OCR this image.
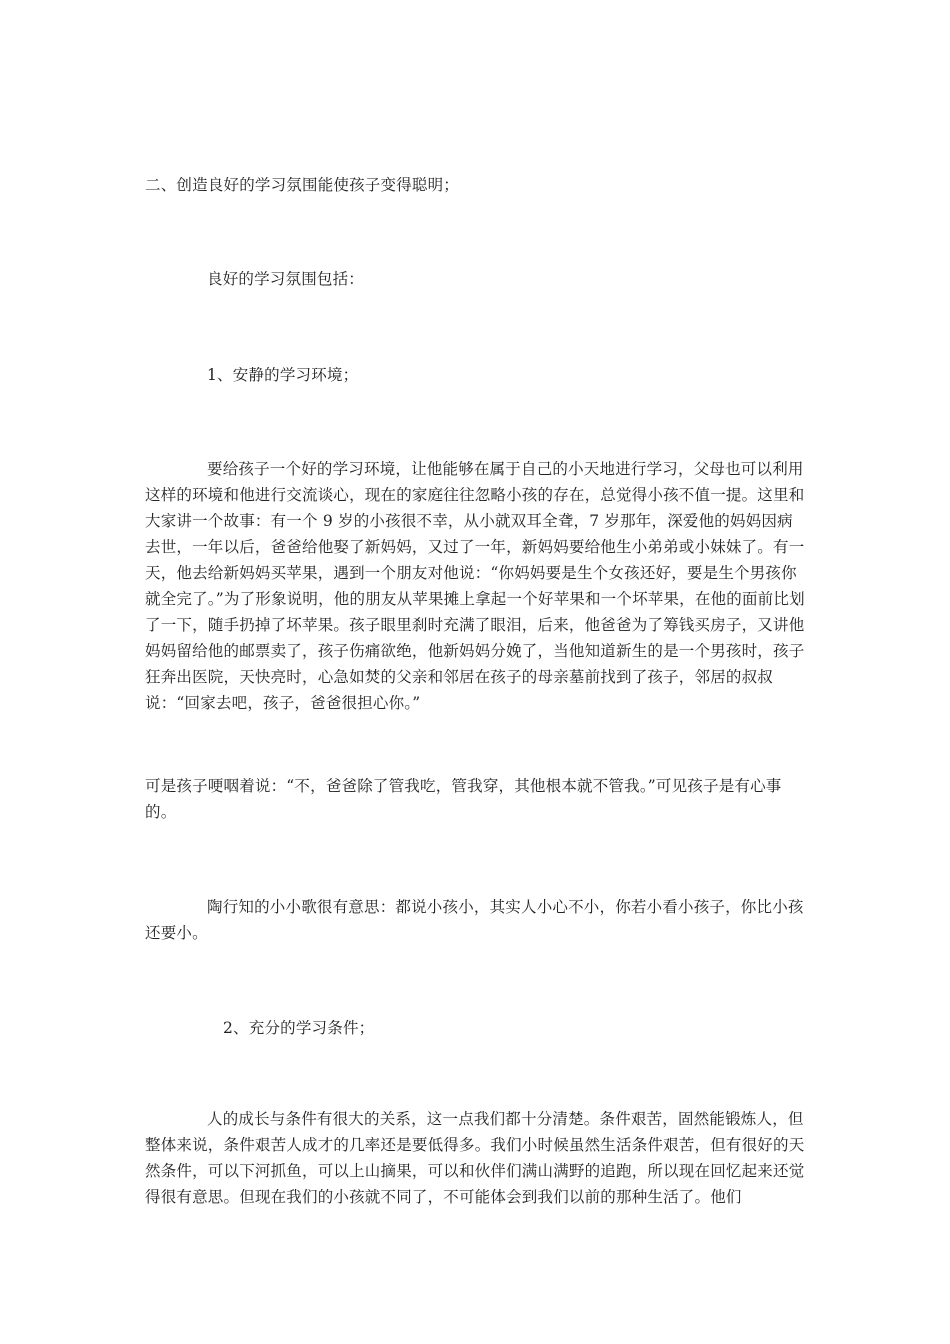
二、创造良好的学习氛围能使孩子变得聪明；
良好的学习氛围包括：
1、安静的学习环境；
要给孩子一个好的学习环境，让他能够在属于自己的小天地进行学习，父母也可以利用这样的环境和他进行交流谈心，现在的家庭往往忽略小孩的存在，总觉得小孩不值一提。这里和大家讲一个故事：有一个 9 岁的小孩很不幸，从小就双耳全聋，7 岁那年，深爱他的妈妈因病去世，一年以后，爸爸给他娶了新妈妈，又过了一年，新妈妈要给他生小弟弟或小妹妹了。有一天，他去给新妈妈买苹果，遇到一个朋友对他说：“你妈妈要是生个女孩还好，要是生个男孩你就全完了。”为了形象说明，他的朋友从苹果摊上拿起一个好苹果和一个坏苹果，在他的面前比划了一下，随手扔掉了坏苹果。孩子眼里刹时充满了眼泪，后来，他爸爸为了筹钱买房子，又讲他妈妈留给他的邮票卖了，孩子伤痛欲绝，他新妈妈分娩了，当他知道新生的是一个男孩时，孩子狂奔出医院，天快亮时，心急如焚的父亲和邻居在孩子的母亲墓前找到了孩子，邻居的叔叔说：“回家去吧，孩子，爸爸很担心你。”
可是孩子哽咽着说：“不，爸爸除了管我吃，管我穿，其他根本就不管我。”可见孩子是有心事的。
陶行知的小小歌很有意思：都说小孩小，其实人小心不小，你若小看小孩子，你比小孩还要小。
2、充分的学习条件；
人的成长与条件有很大的关系，这一点我们都十分清楚。条件艰苦，固然能锻炼人，但整体来说，条件艰苦人成才的几率还是要低得多。我们小时候虽然生活条件艰苦，但有很好的天然条件，可以下河抓鱼，可以上山摘果，可以和伙伴们满山满野的追跑，所以现在回忆起来还觉得很有意思。但现在我们的小孩就不同了，不可能体会到我们以前的那种生活了。他们
